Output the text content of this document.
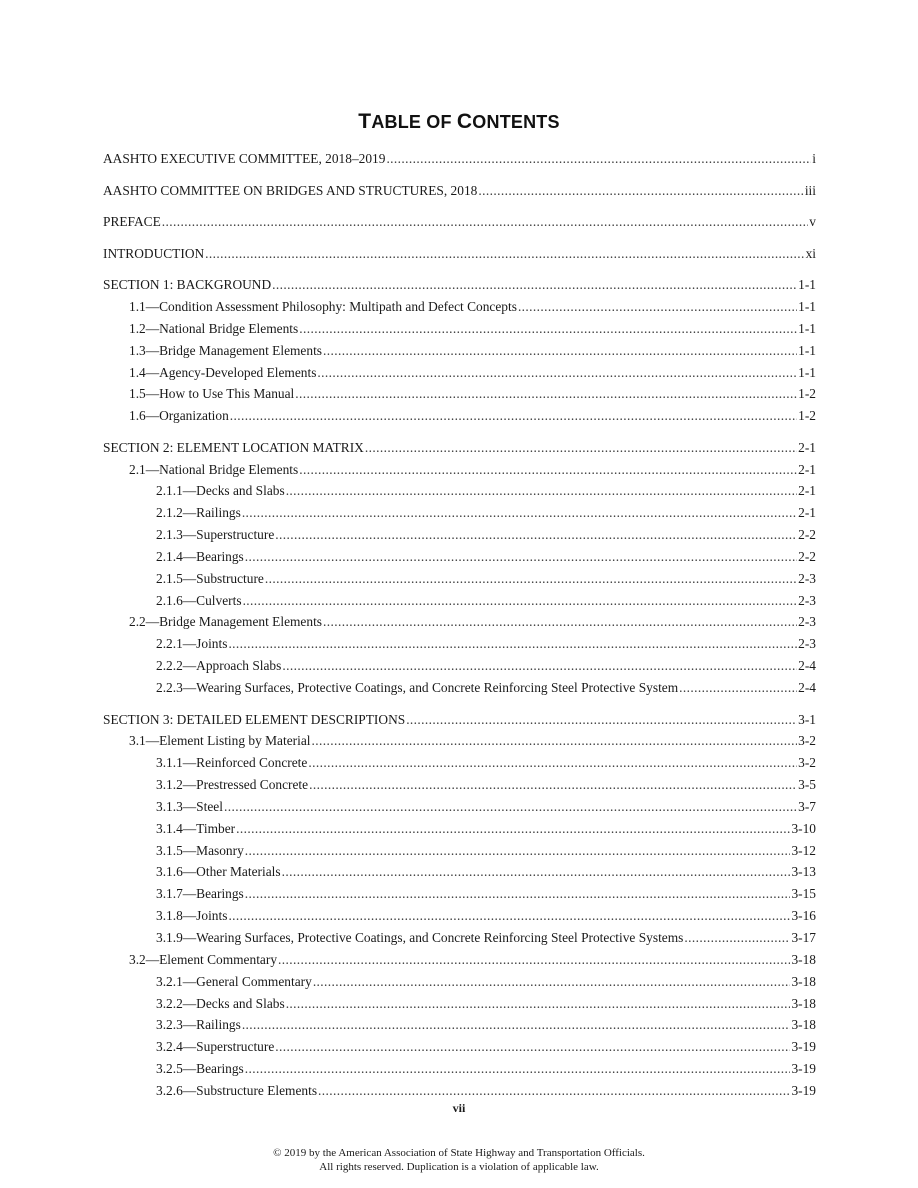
TABLE OF CONTENTS
AASHTO EXECUTIVE COMMITTEE, 2018–2019 .....	i
AASHTO COMMITTEE ON BRIDGES AND STRUCTURES, 2018 .....	iii
PREFACE .....	v
INTRODUCTION .....	xi
SECTION 1: BACKGROUND .....	1-1
1.1—Condition Assessment Philosophy: Multipath and Defect Concepts .....	1-1
1.2—National Bridge Elements .....	1-1
1.3—Bridge Management Elements .....	1-1
1.4—Agency-Developed Elements .....	1-1
1.5—How to Use This Manual .....	1-2
1.6—Organization .....	1-2
SECTION 2: ELEMENT LOCATION MATRIX .....	2-1
2.1—National Bridge Elements .....	2-1
2.1.1—Decks and Slabs .....	2-1
2.1.2—Railings .....	2-1
2.1.3—Superstructure .....	2-2
2.1.4—Bearings .....	2-2
2.1.5—Substructure .....	2-3
2.1.6—Culverts .....	2-3
2.2—Bridge Management Elements .....	2-3
2.2.1—Joints .....	2-3
2.2.2—Approach Slabs .....	2-4
2.2.3—Wearing Surfaces, Protective Coatings, and Concrete Reinforcing Steel Protective System .....	2-4
SECTION 3: DETAILED ELEMENT DESCRIPTIONS .....	3-1
3.1—Element Listing by Material .....	3-2
3.1.1—Reinforced Concrete .....	3-2
3.1.2—Prestressed Concrete .....	3-5
3.1.3—Steel .....	3-7
3.1.4—Timber .....	3-10
3.1.5—Masonry .....	3-12
3.1.6—Other Materials .....	3-13
3.1.7—Bearings .....	3-15
3.1.8—Joints .....	3-16
3.1.9—Wearing Surfaces, Protective Coatings, and Concrete Reinforcing Steel Protective Systems .....	3-17
3.2—Element Commentary .....	3-18
3.2.1—General Commentary .....	3-18
3.2.2—Decks and Slabs .....	3-18
3.2.3—Railings .....	3-18
3.2.4—Superstructure .....	3-19
3.2.5—Bearings .....	3-19
3.2.6—Substructure Elements .....	3-19
vii
© 2019 by the American Association of State Highway and Transportation Officials.
All rights reserved. Duplication is a violation of applicable law.
